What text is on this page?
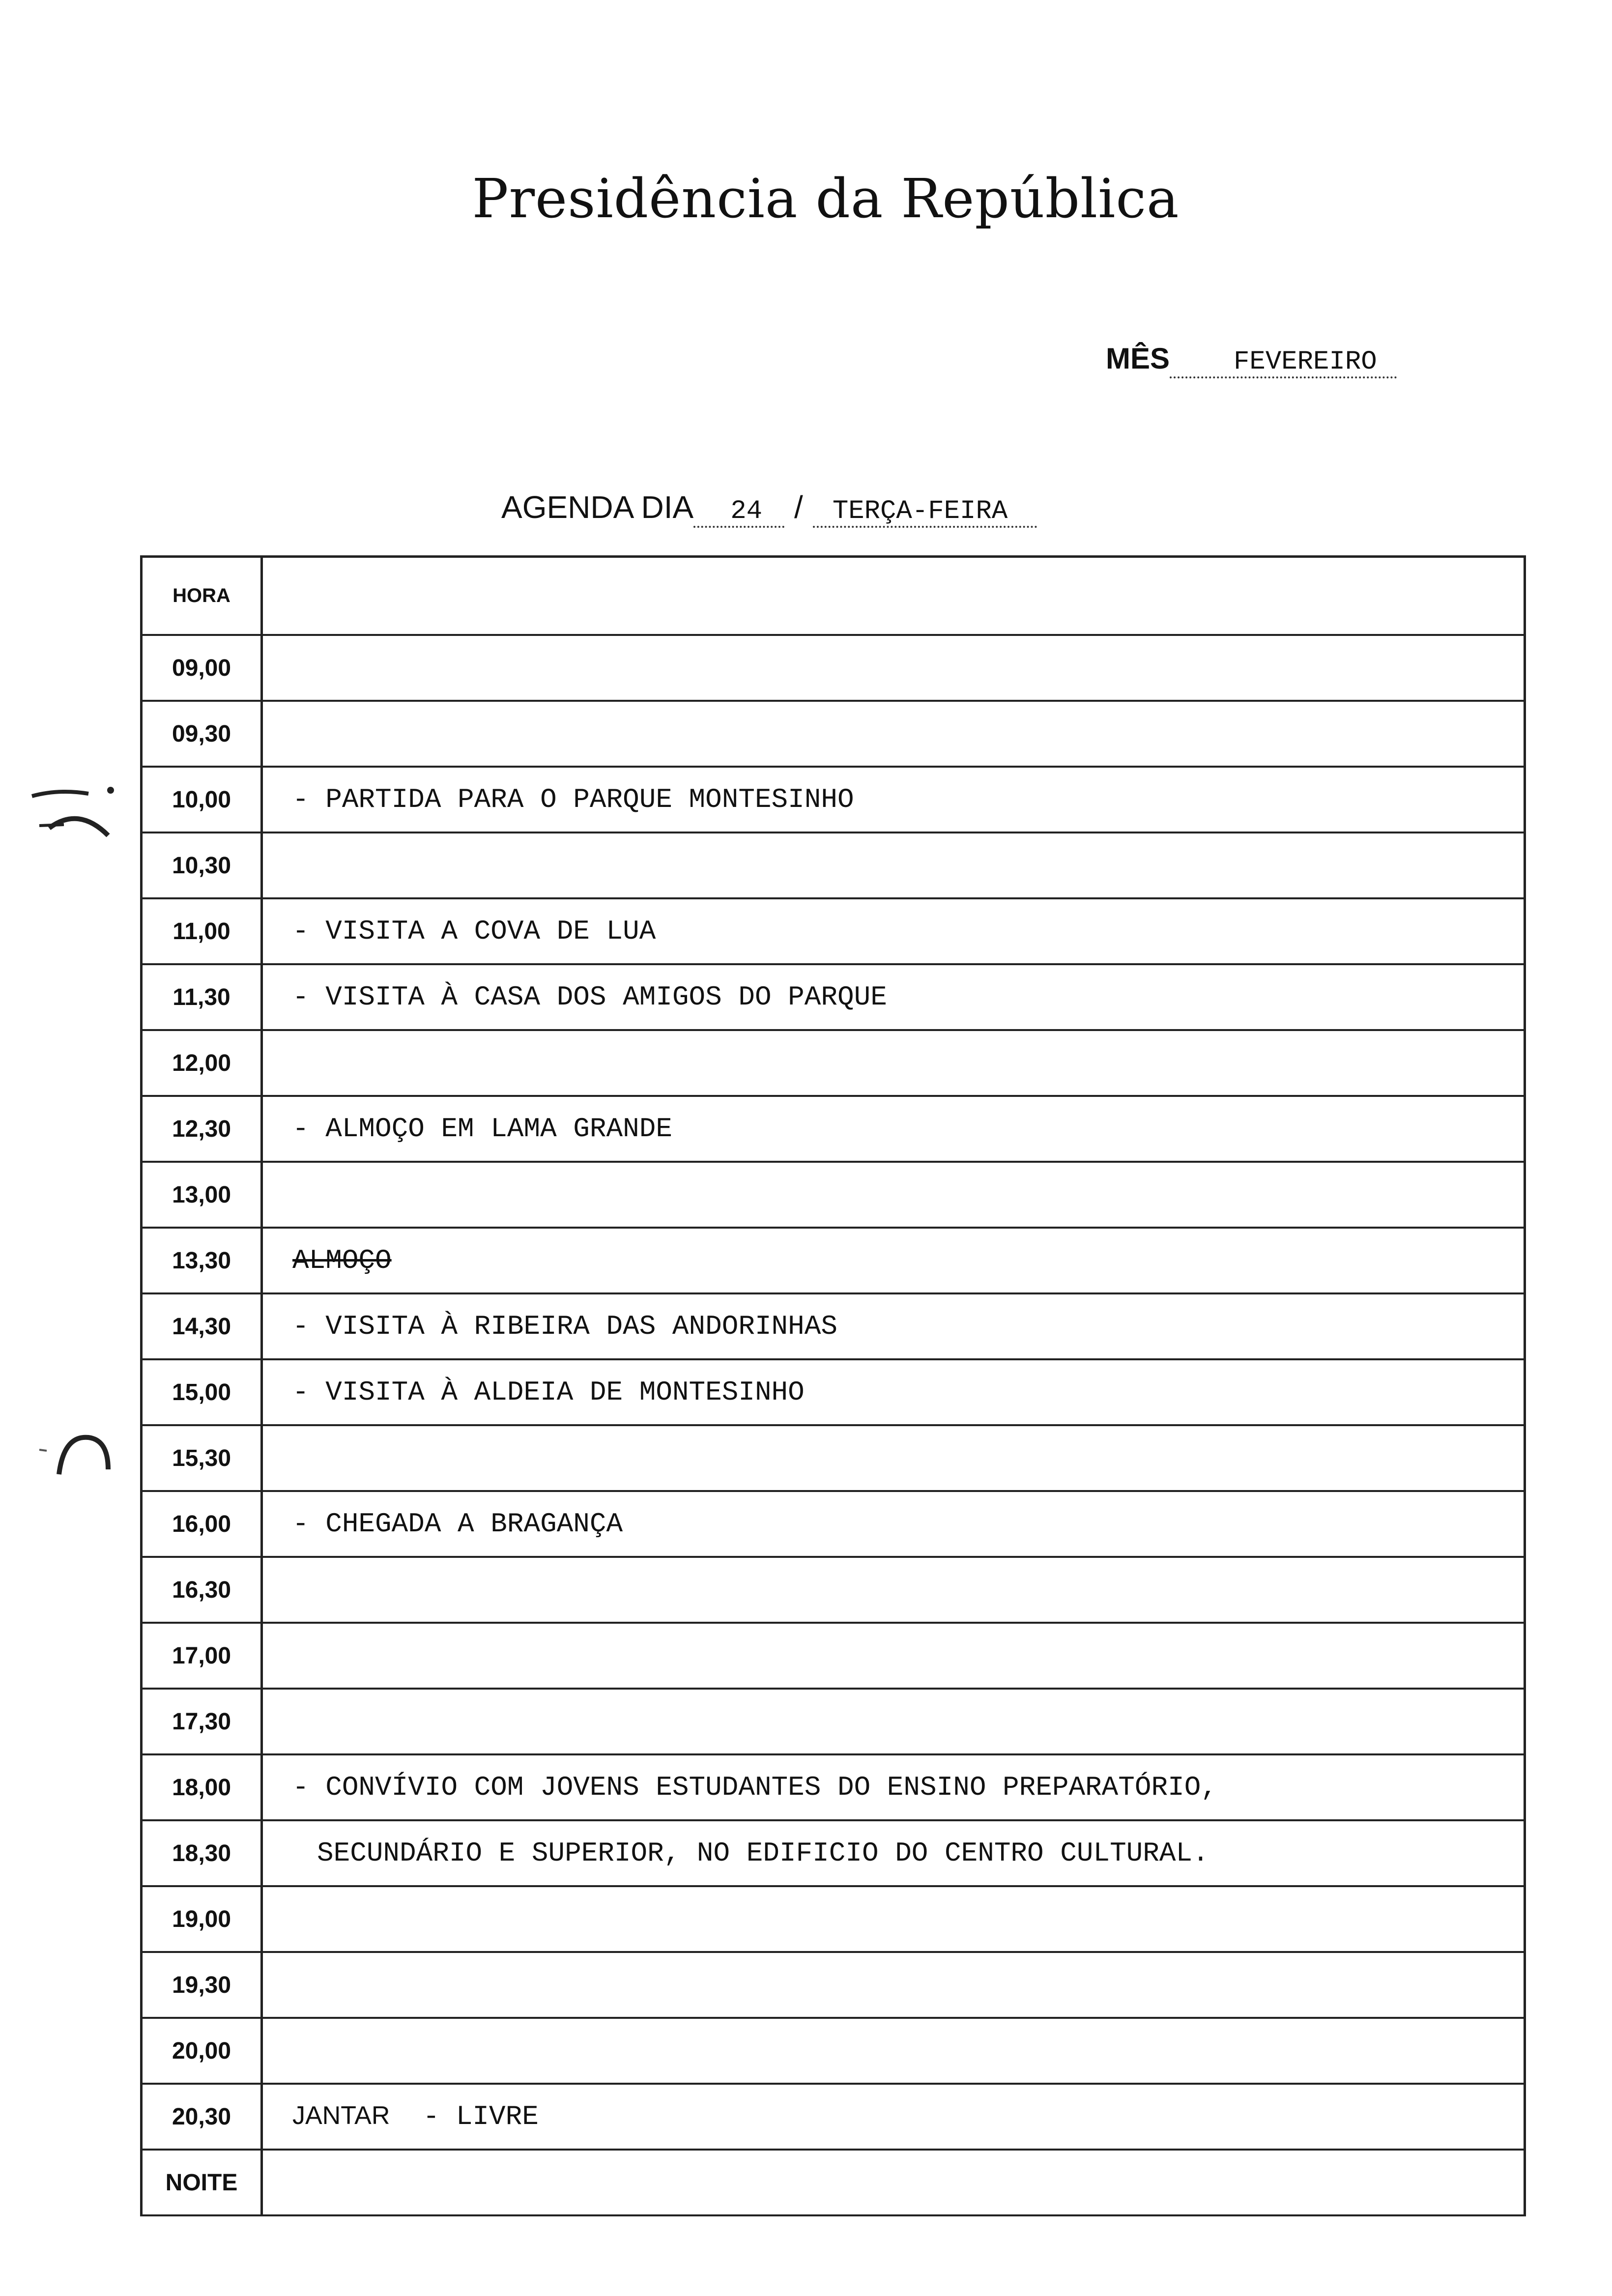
Presidência da República
MÊS FEVEREIRO
AGENDA DIA 24 / TERÇA-FEIRA
HORA	
09,00	
09,30	
10,00	- PARTIDA PARA O PARQUE MONTESINHO
10,30	
11,00	- VISITA A COVA DE LUA
11,30	- VISITA À CASA DOS AMIGOS DO PARQUE
12,00	
12,30	- ALMOÇO EM LAMA GRANDE
13,00	
13,30	ALMOÇO
14,30	- VISITA À RIBEIRA DAS ANDORINHAS
15,00	- VISITA À ALDEIA DE MONTESINHO
15,30	
16,00	- CHEGADA A BRAGANÇA
16,30	
17,00	
17,30	
18,00	- CONVÍVIO COM JOVENS ESTUDANTES DO ENSINO PREPARATÓRIO,
18,30	SECUNDÁRIO E SUPERIOR, NO EDIFICIO DO CENTRO CULTURAL.
19,00	
19,30	
20,00	
20,30	JANTAR - LIVRE
NOITE	
